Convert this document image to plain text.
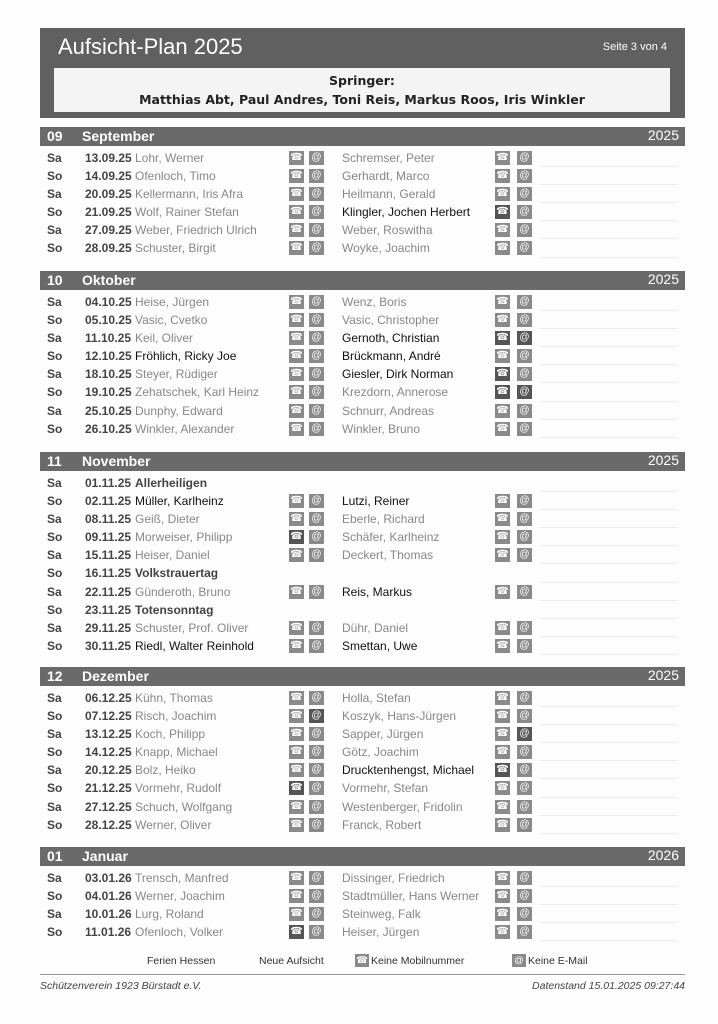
Aufsicht-Plan 2025	Seite 3 von 4
Springer:
Matthias Abt, Paul Andres, Toni Reis, Markus Roos, Iris Winkler
09 September	2025
Sa 13.09.25 Lohr, Werner	☎ @ Schremser, Peter	☎ @
So 14.09.25 Ofenloch, Timo	☎ @ Gerhardt, Marco	☎ @
Sa 20.09.25 Kellermann, Iris Afra	☎ @ Heilmann, Gerald	☎ @
So 21.09.25 Wolf, Rainer Stefan	☎ @ Klingler, Jochen Herbert	☎ @
Sa 27.09.25 Weber, Friedrich Ulrich	☎ @ Weber, Roswitha	☎ @
So 28.09.25 Schuster, Birgit	☎ @ Woyke, Joachim	☎ @
10 Oktober	2025
Sa 04.10.25 Heise, Jürgen	☎ @ Wenz, Boris	☎ @
So 05.10.25 Vasic, Cvetko	☎ @ Vasic, Christopher	☎ @
Sa 11.10.25 Keil, Oliver	☎ @ Gernoth, Christian	☎ @
So 12.10.25 Fröhlich, Ricky Joe	☎ @ Brückmann, André	☎ @
Sa 18.10.25 Steyer, Rüdiger	☎ @ Giesler, Dirk Norman	☎ @
So 19.10.25 Zehatschek, Karl Heinz	☎ @ Krezdorn, Annerose	☎ @
Sa 25.10.25 Dunphy, Edward	☎ @ Schnurr, Andreas	☎ @
So 26.10.25 Winkler, Alexander	☎ @ Winkler, Bruno	☎ @
11 November	2025
Sa 01.11.25 Allerheiligen
So 02.11.25 Müller, Karlheinz	☎ @ Lutzi, Reiner	☎ @
Sa 08.11.25 Geiß, Dieter	☎ @ Eberle, Richard	☎ @
So 09.11.25 Morweiser, Philipp	☎ @ Schäfer, Karlheinz	☎ @
Sa 15.11.25 Heiser, Daniel	☎ @ Deckert, Thomas	☎ @
So 16.11.25 Volkstrauertag
Sa 22.11.25 Günderoth, Bruno	☎ @ Reis, Markus	☎ @
So 23.11.25 Totensonntag
Sa 29.11.25 Schuster, Prof. Oliver	☎ @ Dühr, Daniel	☎ @
So 30.11.25 Riedl, Walter Reinhold	☎ @ Smettan, Uwe	☎ @
12 Dezember	2025
Sa 06.12.25 Kühn, Thomas	☎ @ Holla, Stefan	☎ @
So 07.12.25 Risch, Joachim	☎ @ Koszyk, Hans-Jürgen	☎ @
Sa 13.12.25 Koch, Philipp	☎ @ Sapper, Jürgen	☎ @
So 14.12.25 Knapp, Michael	☎ @ Götz, Joachim	☎ @
Sa 20.12.25 Bolz, Heiko	☎ @ Drucktenhengst, Michael ☎ @
So 21.12.25 Vormehr, Rudolf	☎ @ Vormehr, Stefan	☎ @
Sa 27.12.25 Schuch, Wolfgang	☎ @ Westenberger, Fridolin	☎ @
So 28.12.25 Werner, Oliver	☎ @ Franck, Robert	☎ @
01 Januar	2026
Sa 03.01.26 Trensch, Manfred	☎ @ Dissinger, Friedrich	☎ @
So 04.01.26 Werner, Joachim	☎ @ Stadtmüller, Hans Werner ☎ @
Sa 10.01.26 Lurg, Roland	☎ @ Steinweg, Falk	☎ @
So 11.01.26 Ofenloch, Volker	☎ @ Heiser, Jürgen	☎ @
Ferien Hessen	Neue Aufsicht	☎ Keine Mobilnummer	@ Keine E-Mail
Schützenverein 1923 Bürstadt e.V.	Datenstand 15.01.2025 09:27:44
